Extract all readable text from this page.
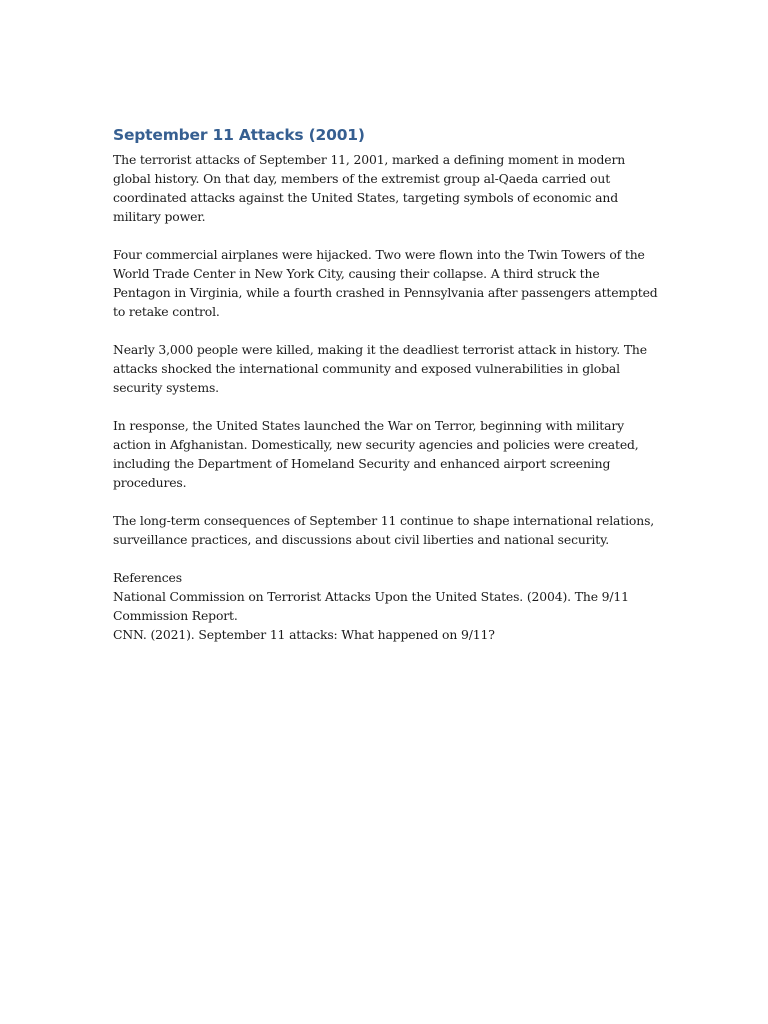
September 11 Attacks (2001)

The terrorist attacks of September 11, 2001, marked a defining moment in modern global history. On that day, members of the extremist group al-Qaeda carried out coordinated attacks against the United States, targeting symbols of economic and military power.

Four commercial airplanes were hijacked. Two were flown into the Twin Towers of the World Trade Center in New York City, causing their collapse. A third struck the Pentagon in Virginia, while a fourth crashed in Pennsylvania after passengers attempted to retake control.

Nearly 3,000 people were killed, making it the deadliest terrorist attack in history. The attacks shocked the international community and exposed vulnerabilities in global security systems.

In response, the United States launched the War on Terror, beginning with military action in Afghanistan. Domestically, new security agencies and policies were created, including the Department of Homeland Security and enhanced airport screening procedures.

The long-term consequences of September 11 continue to shape international relations, surveillance practices, and discussions about civil liberties and national security.

References
National Commission on Terrorist Attacks Upon the United States. (2004). The 9/11 Commission Report.
CNN. (2021). September 11 attacks: What happened on 9/11?
